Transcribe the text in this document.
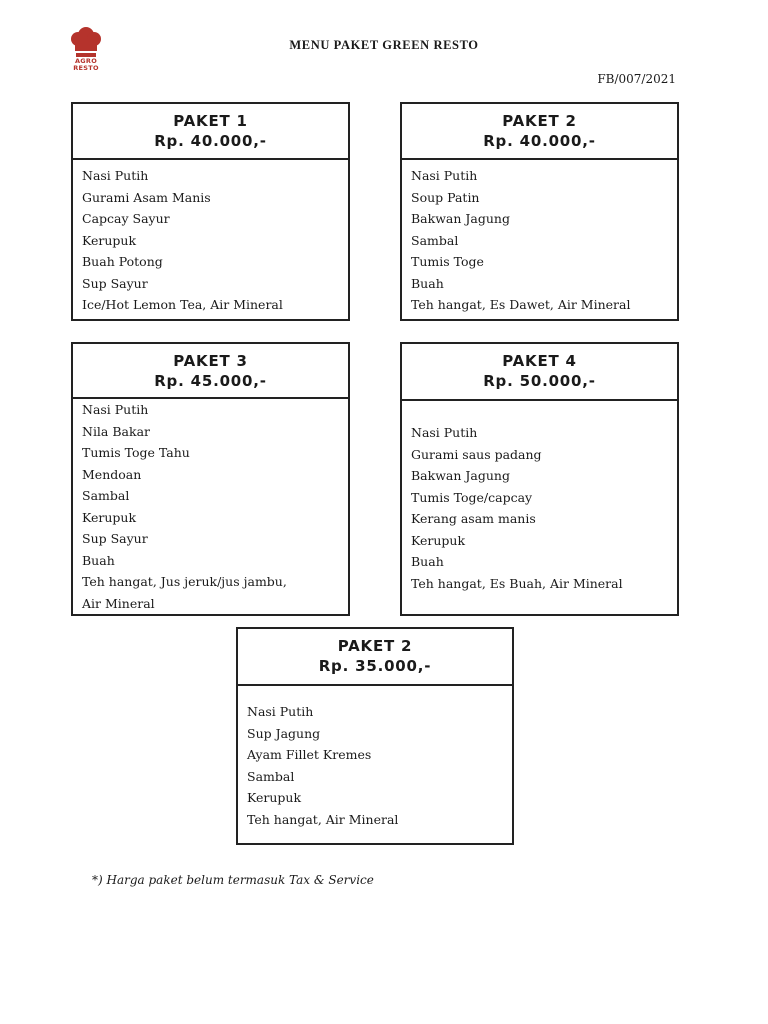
AGRO
RESTO
MENU PAKET GREEN RESTO
FB/007/2021
PAKET 1
Rp. 40.000,-
Nasi Putih
Gurami Asam Manis
Capcay Sayur
Kerupuk
Buah Potong
Sup Sayur
Ice/Hot Lemon Tea, Air Mineral
PAKET 2
Rp. 40.000,-
Nasi Putih
Soup Patin
Bakwan Jagung
Sambal
Tumis Toge
Buah
Teh hangat, Es Dawet, Air Mineral
PAKET 3
Rp. 45.000,-
Nasi Putih
Nila Bakar
Tumis Toge Tahu
Mendoan
Sambal
Kerupuk
Sup Sayur
Buah
Teh hangat, Jus jeruk/jus jambu,
Air Mineral
PAKET 4
Rp. 50.000,-
Nasi Putih
Gurami saus padang
Bakwan Jagung
Tumis Toge/capcay
Kerang asam manis
Kerupuk
Buah
Teh hangat, Es Buah, Air Mineral
PAKET 2
Rp. 35.000,-
Nasi Putih
Sup Jagung
Ayam Fillet Kremes
Sambal
Kerupuk
Teh hangat, Air Mineral
*) Harga paket belum termasuk Tax & Service
